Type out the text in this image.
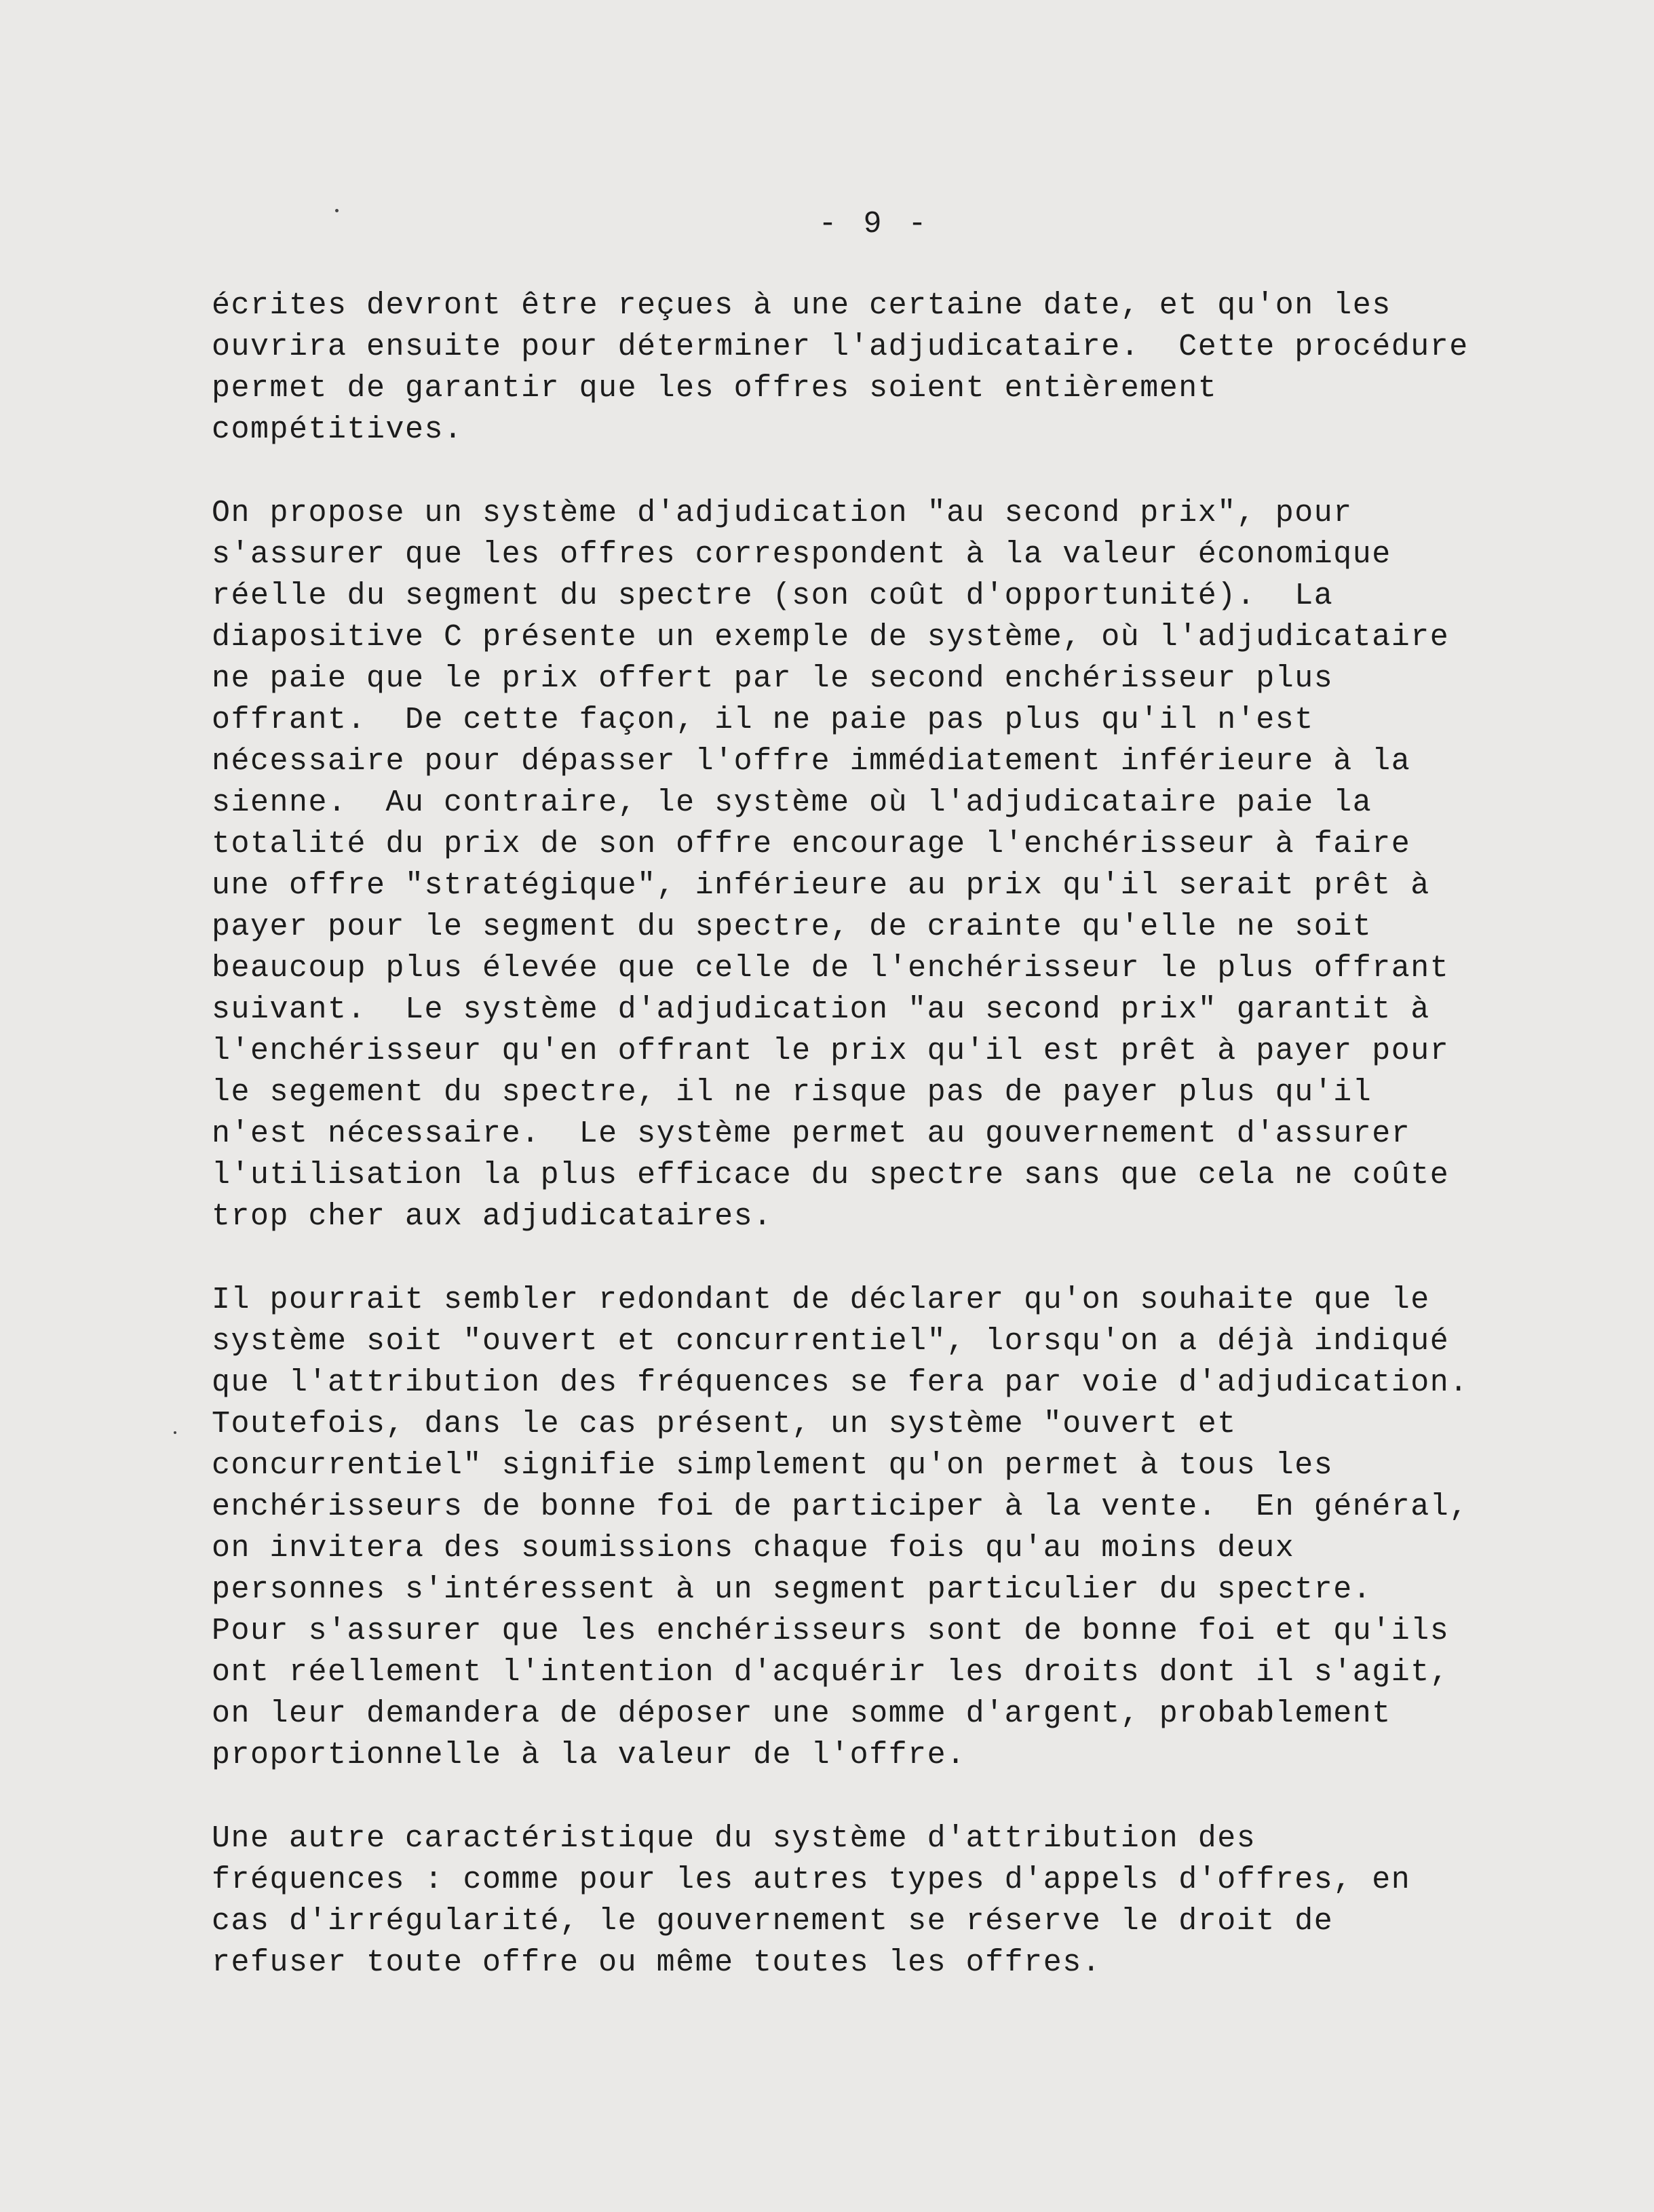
- 9 -
écrites devront être reçues à une certaine date, et qu'on les
ouvrira ensuite pour déterminer l'adjudicataire.  Cette procédure
permet de garantir que les offres soient entièrement
compétitives.
On propose un système d'adjudication "au second prix", pour
s'assurer que les offres correspondent à la valeur économique
réelle du segment du spectre (son coût d'opportunité).  La
diapositive C présente un exemple de système, où l'adjudicataire
ne paie que le prix offert par le second enchérisseur plus
offrant.  De cette façon, il ne paie pas plus qu'il n'est
nécessaire pour dépasser l'offre immédiatement inférieure à la
sienne.  Au contraire, le système où l'adjudicataire paie la
totalité du prix de son offre encourage l'enchérisseur à faire
une offre "stratégique", inférieure au prix qu'il serait prêt à
payer pour le segment du spectre, de crainte qu'elle ne soit
beaucoup plus élevée que celle de l'enchérisseur le plus offrant
suivant.  Le système d'adjudication "au second prix" garantit à
l'enchérisseur qu'en offrant le prix qu'il est prêt à payer pour
le segement du spectre, il ne risque pas de payer plus qu'il
n'est nécessaire.  Le système permet au gouvernement d'assurer
l'utilisation la plus efficace du spectre sans que cela ne coûte
trop cher aux adjudicataires.
Il pourrait sembler redondant de déclarer qu'on souhaite que le
système soit "ouvert et concurrentiel", lorsqu'on a déjà indiqué
que l'attribution des fréquences se fera par voie d'adjudication.
Toutefois, dans le cas présent, un système "ouvert et
concurrentiel" signifie simplement qu'on permet à tous les
enchérisseurs de bonne foi de participer à la vente.  En général,
on invitera des soumissions chaque fois qu'au moins deux
personnes s'intéressent à un segment particulier du spectre.
Pour s'assurer que les enchérisseurs sont de bonne foi et qu'ils
ont réellement l'intention d'acquérir les droits dont il s'agit,
on leur demandera de déposer une somme d'argent, probablement
proportionnelle à la valeur de l'offre.
Une autre caractéristique du système d'attribution des
fréquences : comme pour les autres types d'appels d'offres, en
cas d'irrégularité, le gouvernement se réserve le droit de
refuser toute offre ou même toutes les offres.
